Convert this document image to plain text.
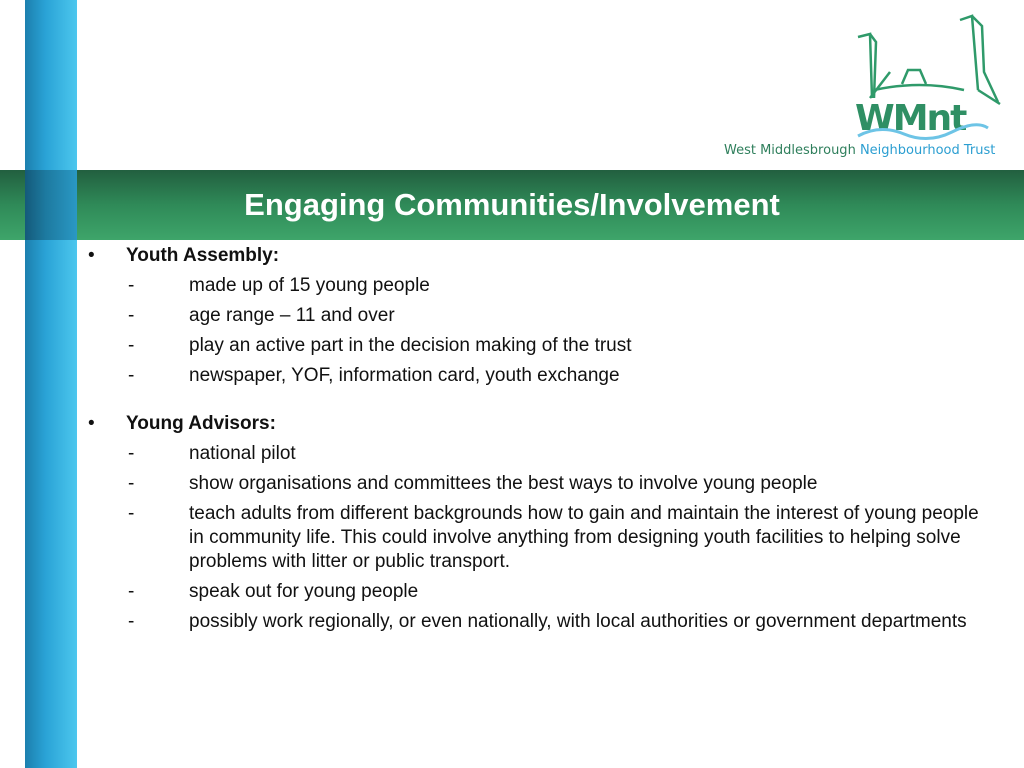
Engaging Communities/Involvement
WMnt
West Middlesbrough Neighbourhood Trust
• Youth Assembly:
-	made up of 15 young people
-	age range – 11 and over
-	play an active part in the decision making of the trust
-	newspaper, YOF, information card, youth exchange
• Young Advisors:
-	national pilot
-	show organisations and committees the best ways to involve young people
-	teach adults from different backgrounds how to gain and maintain the interest of young people in community life. This could involve anything from designing youth facilities to helping solve problems with litter or public transport.
-	speak out for young people
-	possibly work regionally, or even nationally, with local authorities or government departments
